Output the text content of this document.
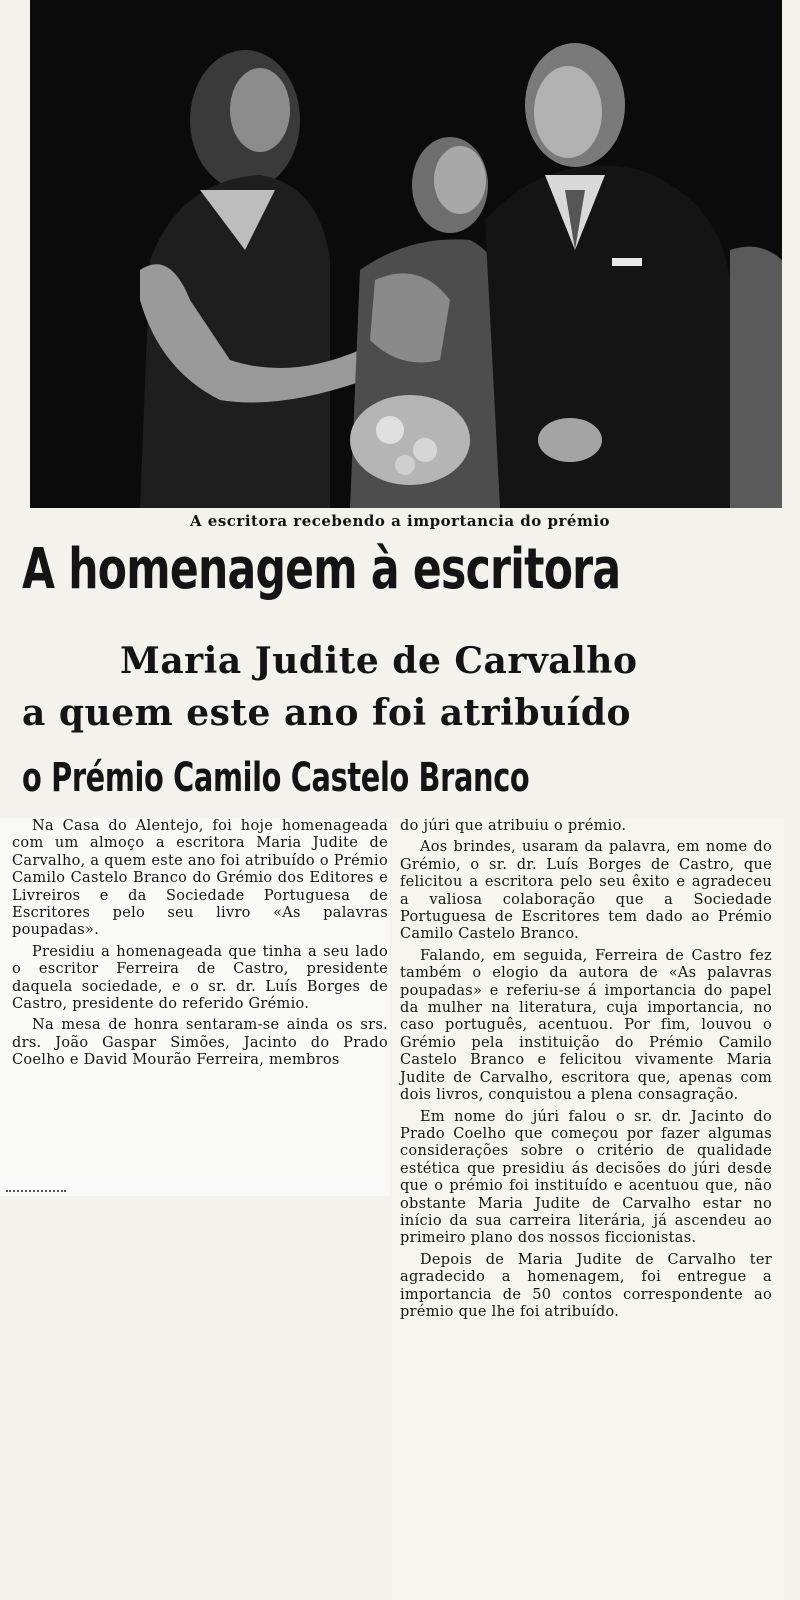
A escritora recebendo a importancia do prémio
A homenagem à escritora
Maria Judite de Carvalho
a quem este ano foi atribuído
o Prémio Camilo Castelo Branco

Na Casa do Alentejo, foi hoje homenageada com um almoço a escritora Maria Judite de Carvalho, a quem este ano foi atribuído o Prémio Camilo Castelo Branco do Grémio dos Editores e Livreiros e da Sociedade Portuguesa de Escritores pelo seu livro «As palavras poupadas».

Presidiu a homenageada que tinha a seu lado o escritor Ferreira de Castro, presidente daquela sociedade, e o sr. dr. Luís Borges de Castro, presidente do referido Grémio.

Na mesa de honra sentaram-se ainda os srs. drs. João Gaspar Simões, Jacinto do Prado Coelho e David Mourão Ferreira, membros

do júri que atribuiu o prémio.

Aos brindes, usaram da palavra, em nome do Grémio, o sr. dr. Luís Borges de Castro, que felicitou a escritora pelo seu êxito e agradeceu a valiosa colaboração que a Sociedade Portuguesa de Escritores tem dado ao Prémio Camilo Castelo Branco.

Falando, em seguida, Ferreira de Castro fez também o elogio da autora de «As palavras poupadas» e referiu-se á importancia do papel da mulher na literatura, cuja importancia, no caso português, acentuou. Por fim, louvou o Grémio pela instituição do Prémio Camilo Castelo Branco e felicitou vivamente Maria Judite de Carvalho, escritora que, apenas com dois livros, conquistou a plena consagração.

Em nome do júri falou o sr. dr. Jacinto do Prado Coelho que começou por fazer algumas considerações sobre o critério de qualidade estética que presidiu ás decisões do júri desde que o prémio foi instituído e acentuou que, não obstante Maria Judite de Carvalho estar no início da sua carreira literária, já ascendeu ao primeiro plano dos nossos ficcionistas.

Depois de Maria Judite de Carvalho ter agradecido a homenagem, foi entregue a importancia de 50 contos correspondente ao prémio que lhe foi atribuído.
